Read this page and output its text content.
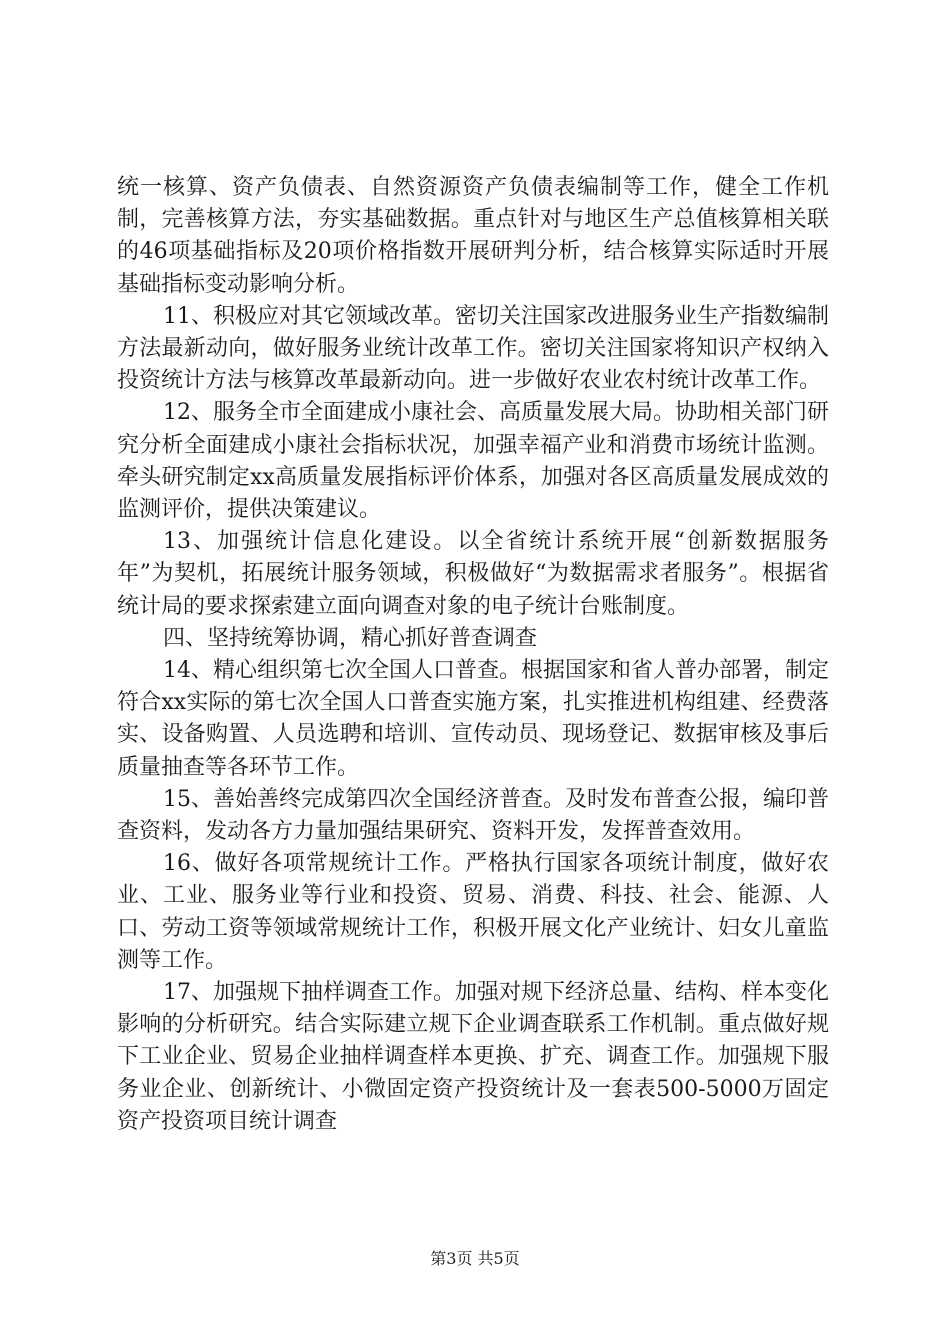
统一核算、资产负债表、自然资源资产负债表编制等工作，健全工作机制，完善核算方法，夯实基础数据。重点针对与地区生产总值核算相关联的46项基础指标及20项价格指数开展研判分析，结合核算实际适时开展基础指标变动影响分析。

11、积极应对其它领域改革。密切关注国家改进服务业生产指数编制方法最新动向，做好服务业统计改革工作。密切关注国家将知识产权纳入投资统计方法与核算改革最新动向。进一步做好农业农村统计改革工作。

12、服务全市全面建成小康社会、高质量发展大局。协助相关部门研究分析全面建成小康社会指标状况，加强幸福产业和消费市场统计监测。牵头研究制定xx高质量发展指标评价体系，加强对各区高质量发展成效的监测评价，提供决策建议。

13、加强统计信息化建设。以全省统计系统开展“创新数据服务年”为契机，拓展统计服务领域，积极做好“为数据需求者服务”。根据省统计局的要求探索建立面向调查对象的电子统计台账制度。

四、坚持统筹协调，精心抓好普查调查

14、精心组织第七次全国人口普查。根据国家和省人普办部署，制定符合xx实际的第七次全国人口普查实施方案，扎实推进机构组建、经费落实、设备购置、人员选聘和培训、宣传动员、现场登记、数据审核及事后质量抽查等各环节工作。

15、善始善终完成第四次全国经济普查。及时发布普查公报，编印普查资料，发动各方力量加强结果研究、资料开发，发挥普查效用。

16、做好各项常规统计工作。严格执行国家各项统计制度，做好农业、工业、服务业等行业和投资、贸易、消费、科技、社会、能源、人口、劳动工资等领域常规统计工作，积极开展文化产业统计、妇女儿童监测等工作。

17、加强规下抽样调查工作。加强对规下经济总量、结构、样本变化影响的分析研究。结合实际建立规下企业调查联系工作机制。重点做好规下工业企业、贸易企业抽样调查样本更换、扩充、调查工作。加强规下服务业企业、创新统计、小微固定资产投资统计及一套表500-5000万固定资产投资项目统计调查

第3页 共5页
